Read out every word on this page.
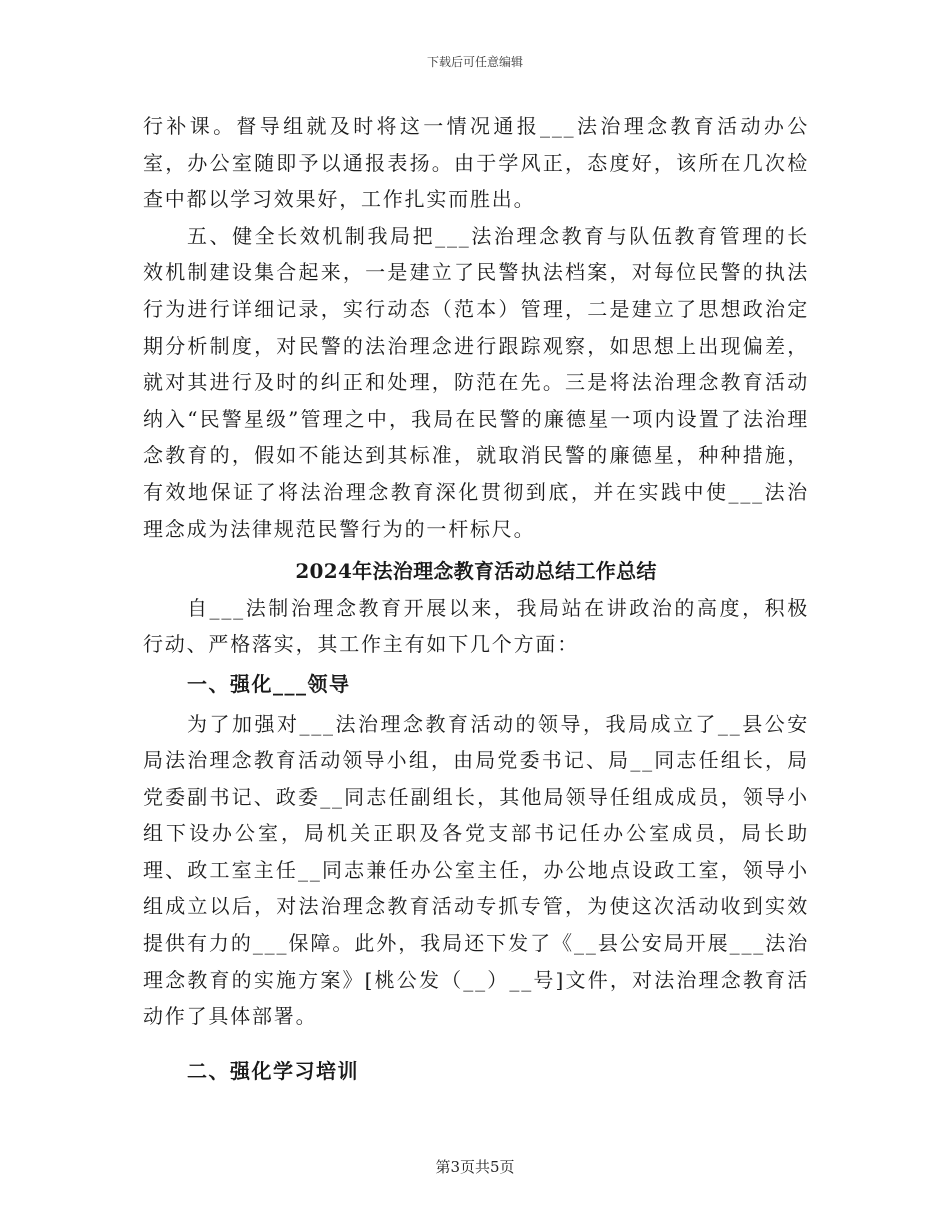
下载后可任意编辑

行补课。督导组就及时将这一情况通报___法治理念教育活动办公室，办公室随即予以通报表扬。由于学风正，态度好，该所在几次检查中都以学习效果好，工作扎实而胜出。

五、健全长效机制我局把___法治理念教育与队伍教育管理的长效机制建设集合起来，一是建立了民警执法档案，对每位民警的执法行为进行详细记录，实行动态（范本）管理，二是建立了思想政治定期分析制度，对民警的法治理念进行跟踪观察，如思想上出现偏差，就对其进行及时的纠正和处理，防范在先。三是将法治理念教育活动纳入“民警星级”管理之中，我局在民警的廉德星一项内设置了法治理念教育的，假如不能达到其标准，就取消民警的廉德星，种种措施，有效地保证了将法治理念教育深化贯彻到底，并在实践中使___法治理念成为法律规范民警行为的一杆标尺。

2024年法治理念教育活动总结工作总结

自___法制治理念教育开展以来，我局站在讲政治的高度，积极行动、严格落实，其工作主有如下几个方面：

一、强化___领导

为了加强对___法治理念教育活动的领导，我局成立了__县公安局法治理念教育活动领导小组，由局党委书记、局__同志任组长，局党委副书记、政委__同志任副组长，其他局领导任组成成员，领导小组下设办公室，局机关正职及各党支部书记任办公室成员，局长助理、政工室主任__同志兼任办公室主任，办公地点设政工室，领导小组成立以后，对法治理念教育活动专抓专管，为使这次活动收到实效提供有力的___保障。此外，我局还下发了《__县公安局开展___法治理念教育的实施方案》[桃公发（__）__号]文件，对法治理念教育活动作了具体部署。

二、强化学习培训

第3页共5页
